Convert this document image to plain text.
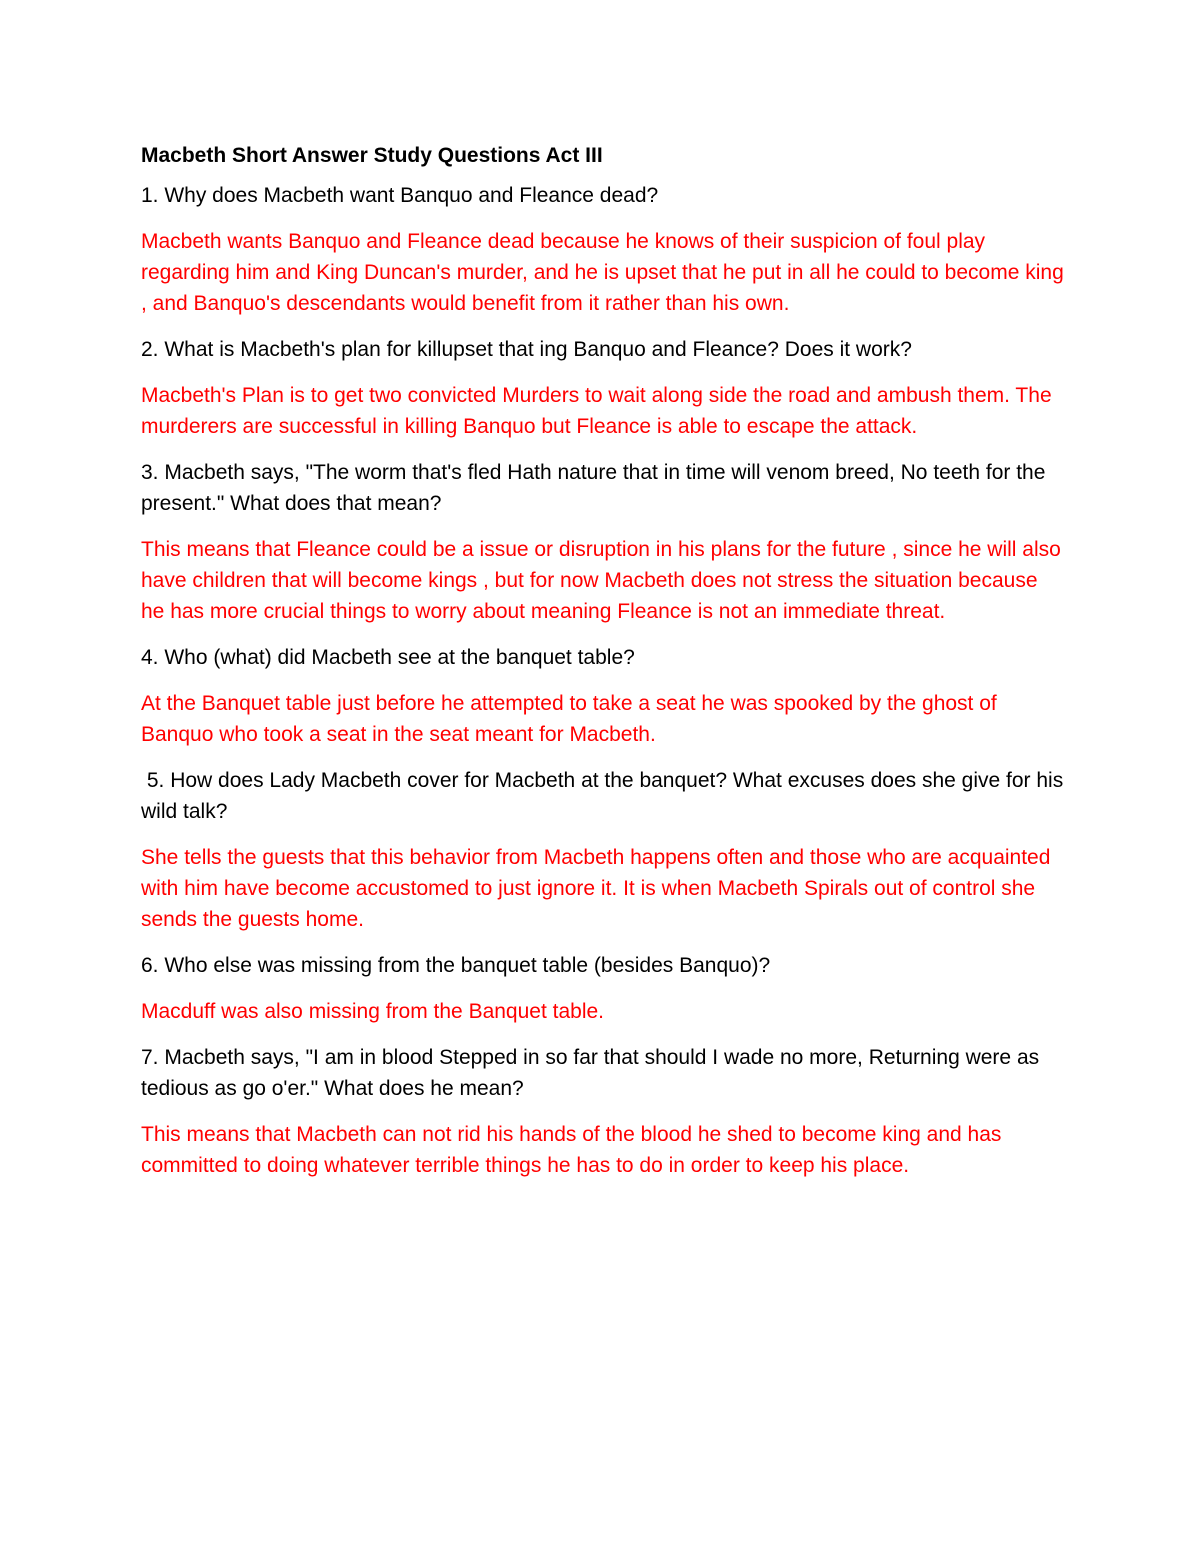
Macbeth Short Answer Study Questions Act III

1. Why does Macbeth want Banquo and Fleance dead?

Macbeth wants Banquo and Fleance dead because he knows of their suspicion of foul play regarding him and King Duncan's murder, and he is upset that he put in all he could to become king , and Banquo's descendants would benefit from it rather than his own.

2. What is Macbeth's plan for killupset that ing Banquo and Fleance? Does it work?

Macbeth's Plan is to get two convicted Murders to wait along side the road and ambush them. The murderers are successful in killing Banquo but Fleance is able to escape the attack.

3. Macbeth says, "The worm that's fled Hath nature that in time will venom breed, No teeth for the present." What does that mean?

This means that Fleance could be a issue or disruption in his plans for the future , since he will also have children that will become kings , but for now Macbeth does not stress the situation because he has more crucial things to worry about meaning Fleance is not an immediate threat.

4. Who (what) did Macbeth see at the banquet table?

At the Banquet table just before he attempted to take a seat he was spooked by the ghost of Banquo who took a seat in the seat meant for Macbeth.

5. How does Lady Macbeth cover for Macbeth at the banquet? What excuses does she give for his wild talk?

She tells the guests that this behavior from Macbeth happens often and those who are acquainted with him have become accustomed to just ignore it. It is when Macbeth Spirals out of control she sends the guests home.

6. Who else was missing from the banquet table (besides Banquo)?

Macduff was also missing from the Banquet table.

7. Macbeth says, "I am in blood Stepped in so far that should I wade no more, Returning were as tedious as go o'er." What does he mean?

This means that Macbeth can not rid his hands of the blood he shed to become king and has committed to doing whatever terrible things he has to do in order to keep his place.
